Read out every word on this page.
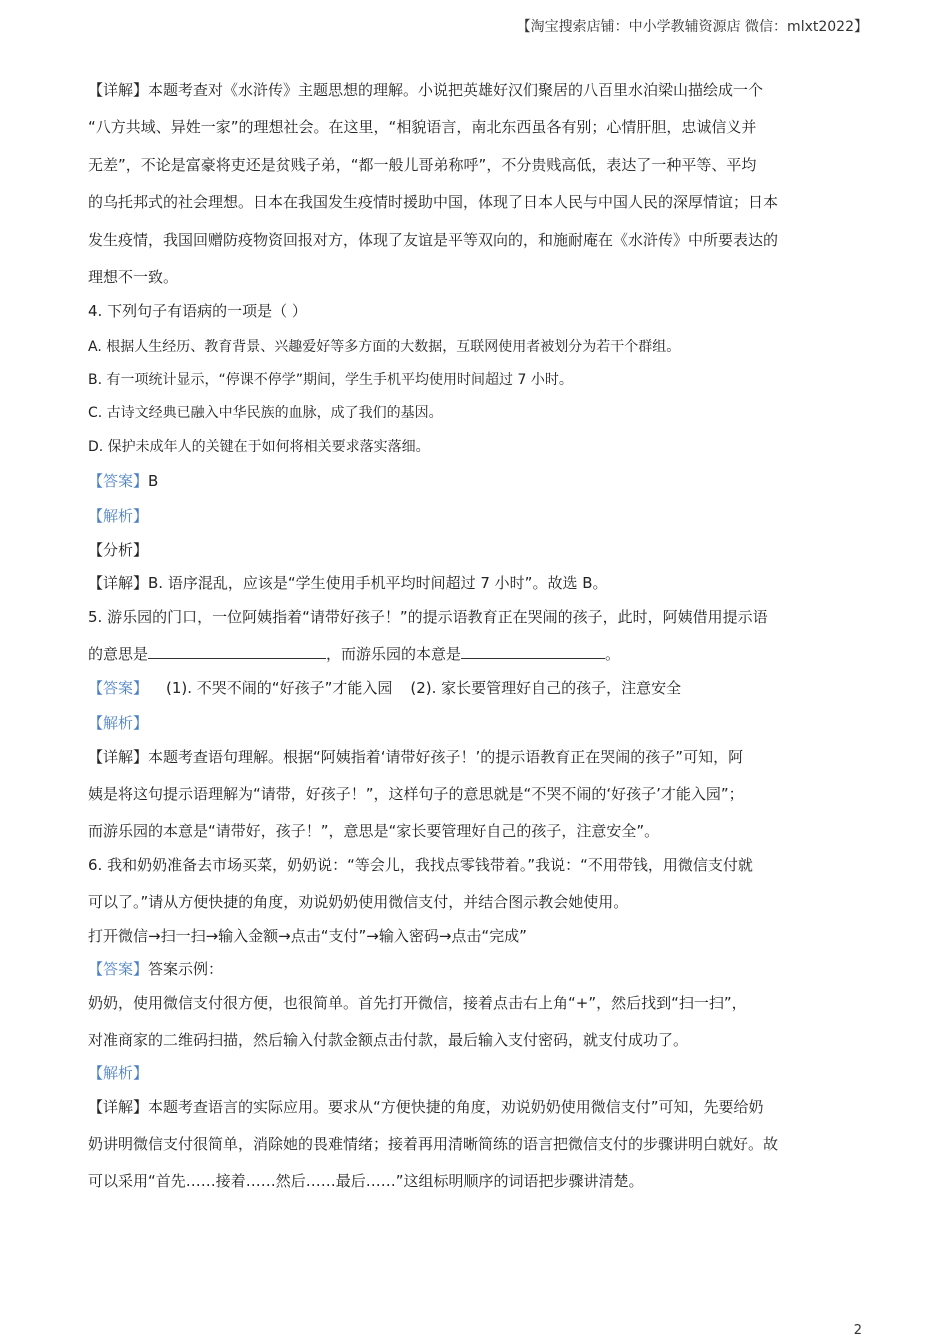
【淘宝搜索店铺：中小学教辅资源店 微信：mlxt2022】
【详解】本题考查对《水浒传》主题思想的理解。小说把英雄好汉们聚居的八百里水泊梁山描绘成一个
“八方共域、异姓一家”的理想社会。在这里，“相貌语言，南北东西虽各有别；心情肝胆，忠诚信义并
无差”，不论是富豪将吏还是贫贱子弟，“都一般儿哥弟称呼”，不分贵贱高低，表达了一种平等、平均
的乌托邦式的社会理想。日本在我国发生疫情时援助中国，体现了日本人民与中国人民的深厚情谊；日本
发生疫情，我国回赠防疫物资回报对方，体现了友谊是平等双向的，和施耐庵在《水浒传》中所要表达的
理想不一致。
4. 下列句子有语病的一项是（ ）
A. 根据人生经历、教育背景、兴趣爱好等多方面的大数据，互联网使用者被划分为若干个群组。
B. 有一项统计显示，“停课不停学”期间，学生手机平均使用时间超过 7 小时。
C. 古诗文经典已融入中华民族的血脉，成了我们的基因。
D. 保护未成年人的关键在于如何将相关要求落实落细。
【答案】B
【解析】
【分析】
【详解】B. 语序混乱，应该是“学生使用手机平均时间超过 7 小时”。故选 B。
5. 游乐园的门口，一位阿姨指着“请带好孩子！”的提示语教育正在哭闹的孩子，此时，阿姨借用提示语
的意思是	，而游乐园的本意是	。
【答案】 (1). 不哭不闹的“好孩子”才能入园 (2). 家长要管理好自己的孩子，注意安全
【解析】
【详解】本题考查语句理解。根据“阿姨指着‘请带好孩子！’的提示语教育正在哭闹的孩子”可知，阿
姨是将这句提示语理解为“请带，好孩子！”，这样句子的意思就是“不哭不闹的‘好孩子’才能入园”；
而游乐园的本意是“请带好，孩子！”，意思是“家长要管理好自己的孩子，注意安全”。
6. 我和奶奶准备去市场买菜，奶奶说：“等会儿，我找点零钱带着。”我说：“不用带钱，用微信支付就
可以了。”请从方便快捷的角度，劝说奶奶使用微信支付，并结合图示教会她使用。
打开微信→扫一扫→输入金额→点击“支付”→输入密码→点击“完成”
【答案】答案示例：
奶奶，使用微信支付很方便，也很简单。首先打开微信，接着点击右上角“+”，然后找到“扫一扫”，
对准商家的二维码扫描，然后输入付款金额点击付款，最后输入支付密码，就支付成功了。
【解析】
【详解】本题考查语言的实际应用。要求从“方便快捷的角度，劝说奶奶使用微信支付”可知，先要给奶
奶讲明微信支付很简单，消除她的畏难情绪；接着再用清晰简练的语言把微信支付的步骤讲明白就好。故
可以采用“首先……接着……然后……最后……”这组标明顺序的词语把步骤讲清楚。
2
